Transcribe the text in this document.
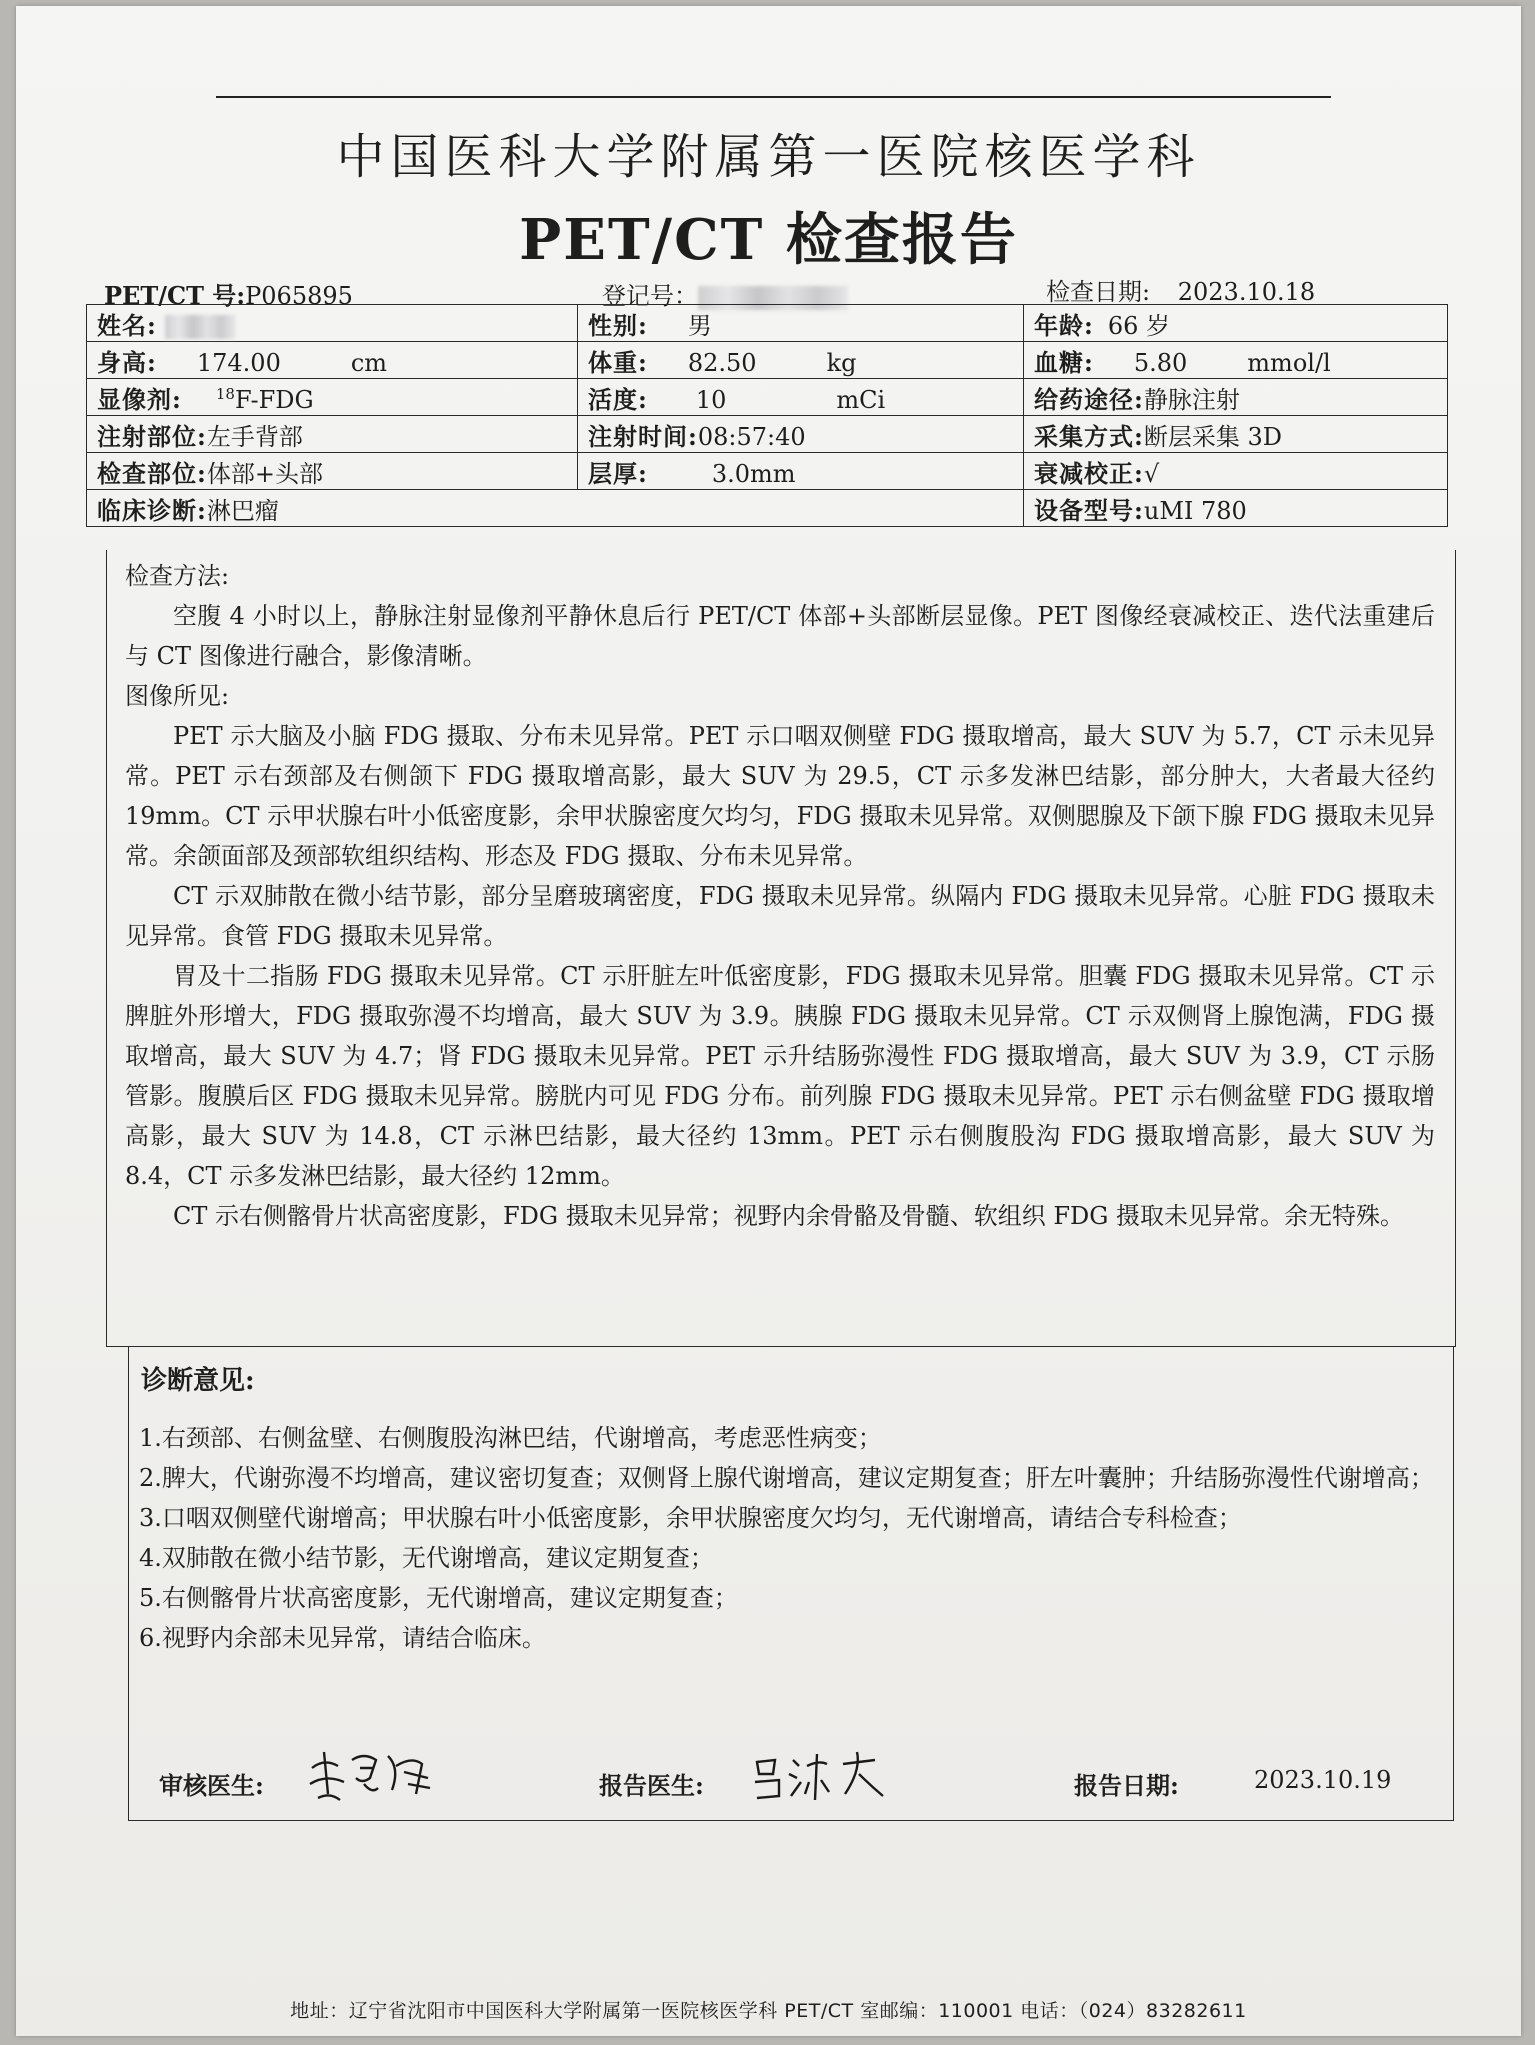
中国医科大学附属第一医院核医学科
PET/CT 检查报告
PET/CT 号:P065895	登记号：	检查日期: 2023.10.18
姓名:	性别: 男	年龄: 66 岁
身高: 174.00 cm	体重: 82.50 kg	血糖: 5.80 mmol/l
显像剂: $^{18}$F-FDG	活度: 10 mCi	给药途径:静脉注射
注射部位:左手背部	注射时间:08:57:40	采集方式:断层采集 3D
检查部位:体部+头部	层厚: 3.0mm	衰减校正:√
临床诊断:淋巴瘤		设备型号:uMI 780
检查方法:
空腹 4 小时以上，静脉注射显像剂平静休息后行 PET/CT 体部+头部断层显像。PET 图像经衰减校正、迭代法重建后与 CT 图像进行融合，影像清晰。
图像所见:
PET 示大脑及小脑 FDG 摄取、分布未见异常。PET 示口咽双侧壁 FDG 摄取增高，最大 SUV 为 5.7，CT 示未见异常。PET 示右颈部及右侧颌下 FDG 摄取增高影，最大 SUV 为 29.5，CT 示多发淋巴结影，部分肿大，大者最大径约 19mm。CT 示甲状腺右叶小低密度影，余甲状腺密度欠均匀，FDG 摄取未见异常。双侧腮腺及下颌下腺 FDG 摄取未见异常。余颌面部及颈部软组织结构、形态及 FDG 摄取、分布未见异常。
CT 示双肺散在微小结节影，部分呈磨玻璃密度，FDG 摄取未见异常。纵隔内 FDG 摄取未见异常。心脏 FDG 摄取未见异常。食管 FDG 摄取未见异常。
胃及十二指肠 FDG 摄取未见异常。CT 示肝脏左叶低密度影，FDG 摄取未见异常。胆囊 FDG 摄取未见异常。CT 示脾脏外形增大，FDG 摄取弥漫不均增高，最大 SUV 为 3.9。胰腺 FDG 摄取未见异常。CT 示双侧肾上腺饱满，FDG 摄取增高，最大 SUV 为 4.7；肾 FDG 摄取未见异常。PET 示升结肠弥漫性 FDG 摄取增高，最大 SUV 为 3.9，CT 示肠管影。腹膜后区 FDG 摄取未见异常。膀胱内可见 FDG 分布。前列腺 FDG 摄取未见异常。PET 示右侧盆壁 FDG 摄取增高影，最大 SUV 为 14.8，CT 示淋巴结影，最大径约 13mm。PET 示右侧腹股沟 FDG 摄取增高影，最大 SUV 为 8.4，CT 示多发淋巴结影，最大径约 12mm。
CT 示右侧髂骨片状高密度影，FDG 摄取未见异常；视野内余骨骼及骨髓、软组织 FDG 摄取未见异常。余无特殊。
诊断意见:
1.右颈部、右侧盆壁、右侧腹股沟淋巴结，代谢增高，考虑恶性病变；
2.脾大，代谢弥漫不均增高，建议密切复查；双侧肾上腺代谢增高，建议定期复查；肝左叶囊肿；升结肠弥漫性代谢增高；
3.口咽双侧壁代谢增高；甲状腺右叶小低密度影，余甲状腺密度欠均匀，无代谢增高，请结合专科检查；
4.双肺散在微小结节影，无代谢增高，建议定期复查；
5.右侧髂骨片状高密度影，无代谢增高，建议定期复查；
6.视野内余部未见异常，请结合临床。
审核医生:	报告医生:	报告日期:	2023.10.19
地址：辽宁省沈阳市中国医科大学附属第一医院核医学科 PET/CT 室邮编：110001 电话：（024）83282611
